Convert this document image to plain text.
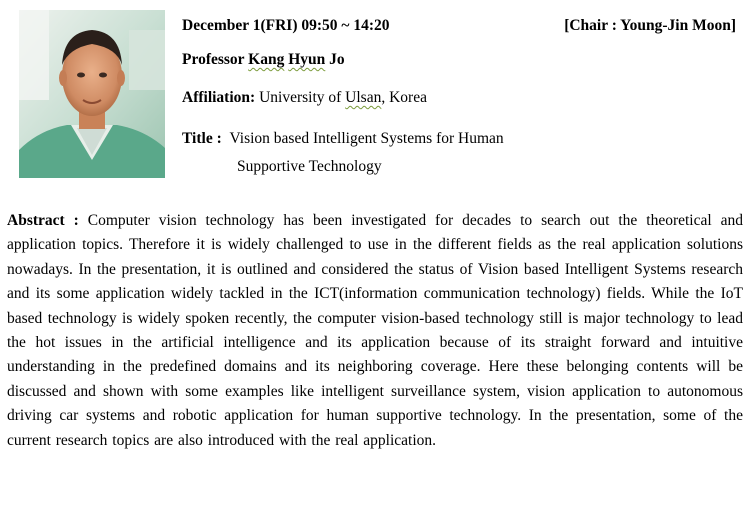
December 1(FRI) 09:50 ~ 14:20	[Chair : Young-Jin Moon]
Professor Kang Hyun Jo
Affiliation: University of Ulsan, Korea
Title : Vision based Intelligent Systems for Human
Supportive Technology
Abstract : Computer vision technology has been investigated for decades to search out the theoretical and application topics. Therefore it is widely challenged to use in the different fields as the real application solutions nowadays. In the presentation, it is outlined and considered the status of Vision based Intelligent Systems research and its some application widely tackled in the ICT(information communication technology) fields. While the IoT based technology is widely spoken recently, the computer vision-based technology still is major technology to lead the hot issues in the artificial intelligence and its application because of its straight forward and intuitive understanding in the predefined domains and its neighboring coverage. Here these belonging contents will be discussed and shown with some examples like intelligent surveillance system, vision application to autonomous driving car systems and robotic application for human supportive technology. In the presentation, some of the current research topics are also introduced with the real application.
